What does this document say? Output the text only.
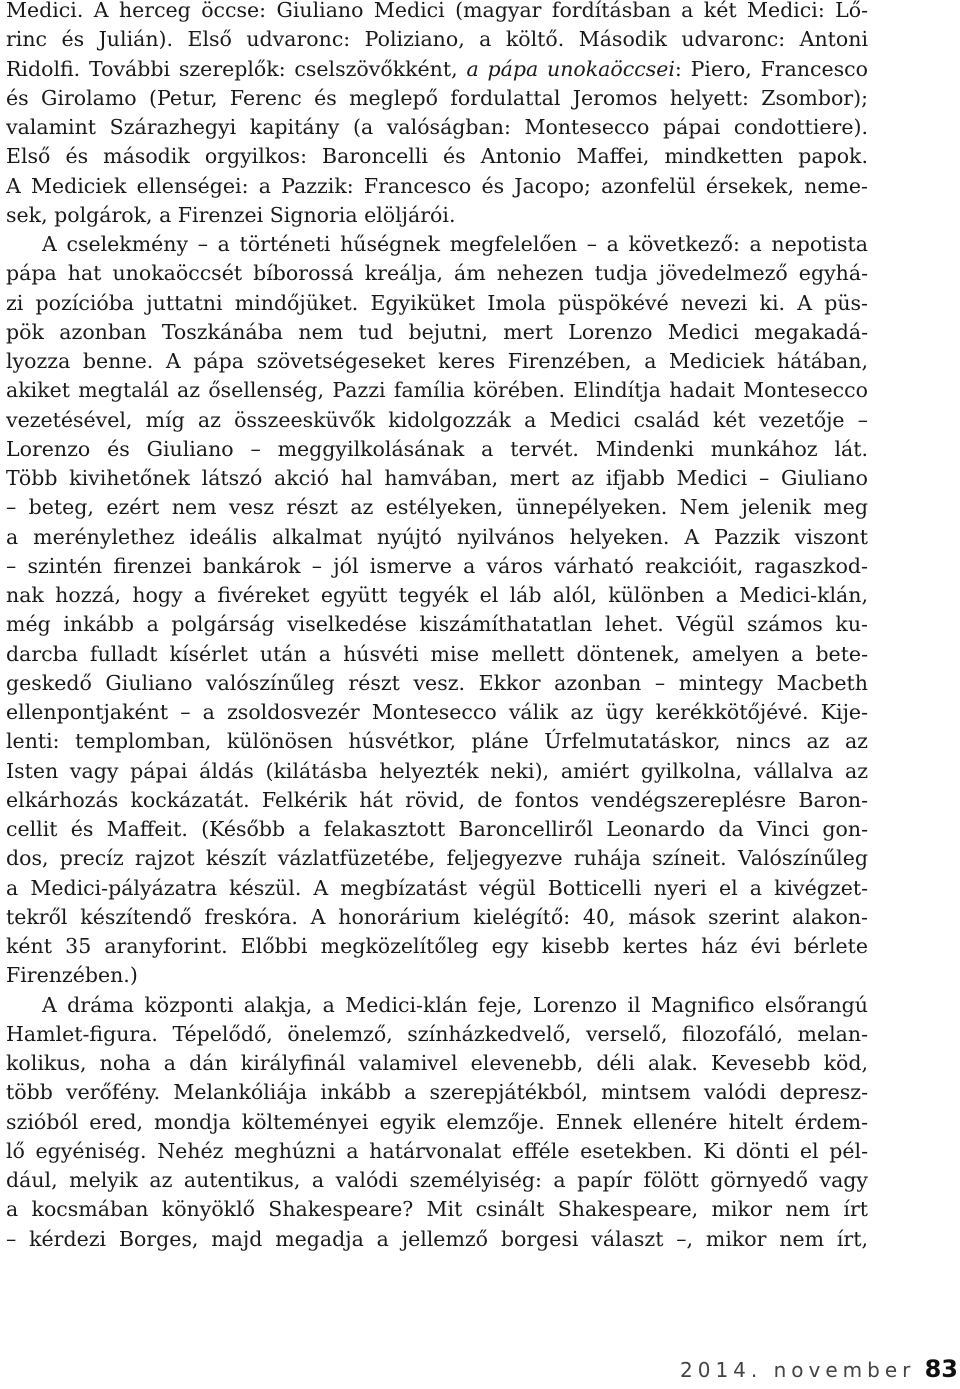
Medici. A herceg öccse: Giuliano Medici (magyar fordításban a két Medici: Lő-
rinc és Julián). Első udvaronc: Poliziano, a költő. Második udvaronc: Antoni
Ridolfi. További szereplők: cselszövőkként, a pápa unokaöccsei: Piero, Francesco
és Girolamo (Petur, Ferenc és meglepő fordulattal Jeromos helyett: Zsombor);
valamint Szárazhegyi kapitány (a valóságban: Montesecco pápai condottiere).
Első és második orgyilkos: Baroncelli és Antonio Maffei, mindketten papok.
A Mediciek ellenségei: a Pazzik: Francesco és Jacopo; azonfelül érsekek, neme-
sek, polgárok, a Firenzei Signoria elöljárói.
A cselekmény – a történeti hűségnek megfelelően – a következő: a nepotista
pápa hat unokaöccsét bíborossá kreálja, ám nehezen tudja jövedelmező egyhá-
zi pozícióba juttatni mindőjüket. Egyiküket Imola püspökévé nevezi ki. A püs-
pök azonban Toszkánába nem tud bejutni, mert Lorenzo Medici megakadá-
lyozza benne. A pápa szövetségeseket keres Firenzében, a Mediciek hátában,
akiket megtalál az ősellenség, Pazzi família körében. Elindítja hadait Montesecco
vezetésével, míg az összeesküvők kidolgozzák a Medici család két vezetője –
Lorenzo és Giuliano – meggyilkolásának a tervét. Mindenki munkához lát.
Több kivihetőnek látszó akció hal hamvában, mert az ifjabb Medici – Giuliano
– beteg, ezért nem vesz részt az estélyeken, ünnepélyeken. Nem jelenik meg
a merénylethez ideális alkalmat nyújtó nyilvános helyeken. A Pazzik viszont
– szintén firenzei bankárok – jól ismerve a város várható reakcióit, ragaszkod-
nak hozzá, hogy a fivéreket együtt tegyék el láb alól, különben a Medici-klán,
még inkább a polgárság viselkedése kiszámíthatatlan lehet. Végül számos ku-
darcba fulladt kísérlet után a húsvéti mise mellett döntenek, amelyen a bete-
geskedő Giuliano valószínűleg részt vesz. Ekkor azonban – mintegy Macbeth
ellenpontjaként – a zsoldosvezér Montesecco válik az ügy kerékkötőjévé. Kije-
lenti: templomban, különösen húsvétkor, pláne Úrfelmutatáskor, nincs az az
Isten vagy pápai áldás (kilátásba helyezték neki), amiért gyilkolna, vállalva az
elkárhozás kockázatát. Felkérik hát rövid, de fontos vendégszereplésre Baron-
cellit és Maffeit. (Később a felakasztott Baroncelliről Leonardo da Vinci gon-
dos, precíz rajzot készít vázlatfüzetébe, feljegyezve ruhája színeit. Valószínűleg
a Medici-pályázatra készül. A megbízatást végül Botticelli nyeri el a kivégzet-
tekről készítendő freskóra. A honorárium kielégítő: 40, mások szerint alakon-
ként 35 aranyforint. Előbbi megközelítőleg egy kisebb kertes ház évi bérlete
Firenzében.)
A dráma központi alakja, a Medici-klán feje, Lorenzo il Magnifico elsőrangú
Hamlet-figura. Tépelődő, önelemző, színházkedvelő, verselő, filozofáló, melan-
kolikus, noha a dán királyfinál valamivel elevenebb, déli alak. Kevesebb köd,
több verőfény. Melankóliája inkább a szerepjátékból, mintsem valódi depresz-
szióból ered, mondja költeményei egyik elemzője. Ennek ellenére hitelt érdem-
lő egyéniség. Nehéz meghúzni a határvonalat efféle esetekben. Ki dönti el pél-
dául, melyik az autentikus, a valódi személyiség: a papír fölött görnyedő vagy
a kocsmában könyöklő Shakespeare? Mit csinált Shakespeare, mikor nem írt
– kérdezi Borges, majd megadja a jellemző borgesi választ –, mikor nem írt,
2014. november 83
